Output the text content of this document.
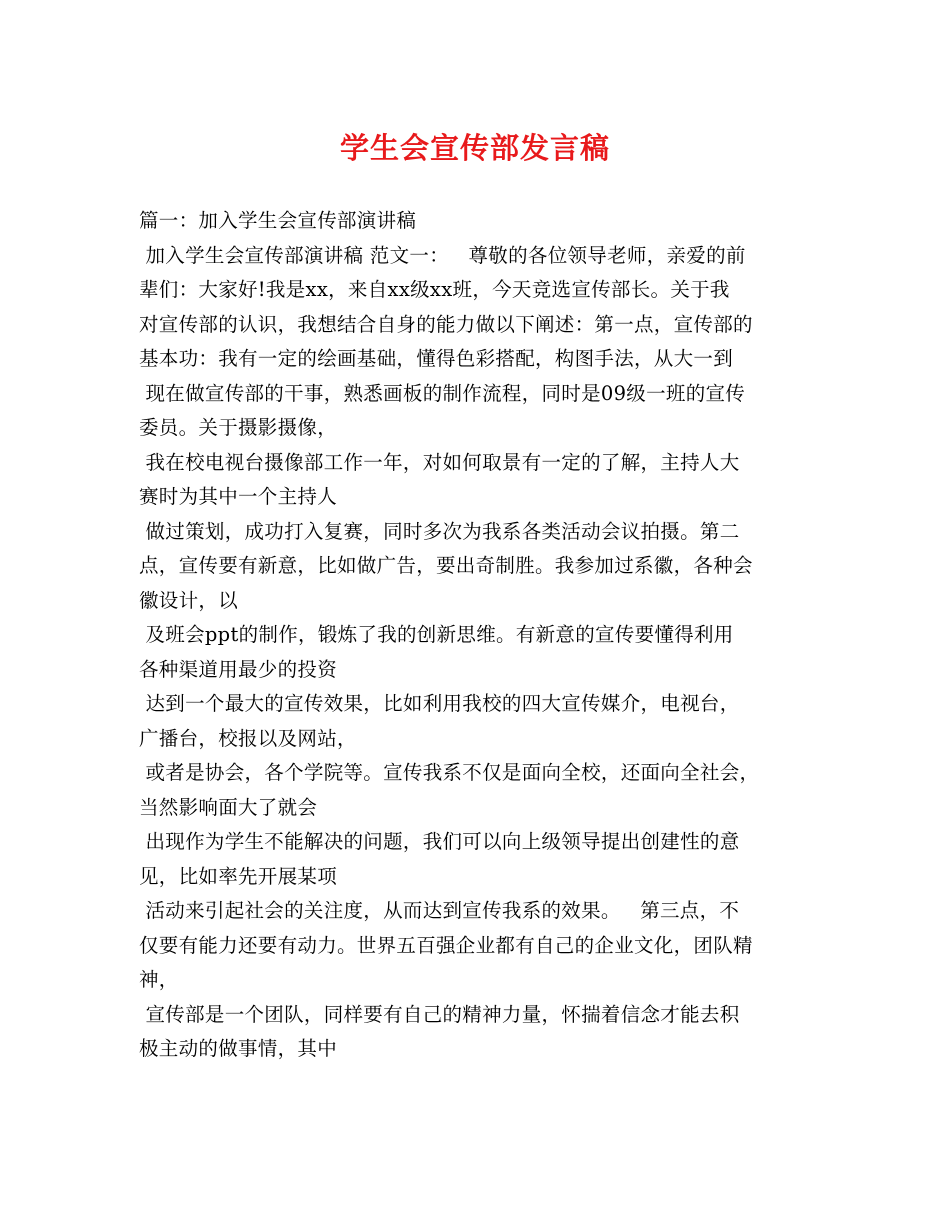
学生会宣传部发言稿
篇一：加入学生会宣传部演讲稿
加入学生会宣传部演讲稿 范文一：   尊敬的各位领导老师，亲爱的前
辈们：大家好!我是xx，来自xx级xx班，今天竞选宣传部长。关于我
对宣传部的认识，我想结合自身的能力做以下阐述：第一点，宣传部的
基本功：我有一定的绘画基础，懂得色彩搭配，构图手法，从大一到
现在做宣传部的干事，熟悉画板的制作流程，同时是09级一班的宣传
委员。关于摄影摄像，
我在校电视台摄像部工作一年，对如何取景有一定的了解，主持人大
赛时为其中一个主持人
做过策划，成功打入复赛，同时多次为我系各类活动会议拍摄。第二
点，宣传要有新意，比如做广告，要出奇制胜。我参加过系徽，各种会
徽设计，以
及班会ppt的制作，锻炼了我的创新思维。有新意的宣传要懂得利用
各种渠道用最少的投资
达到一个最大的宣传效果，比如利用我校的四大宣传媒介，电视台，
广播台，校报以及网站，
或者是协会，各个学院等。宣传我系不仅是面向全校，还面向全社会，
当然影响面大了就会
出现作为学生不能解决的问题，我们可以向上级领导提出创建性的意
见，比如率先开展某项
活动来引起社会的关注度，从而达到宣传我系的效果。   第三点，不
仅要有能力还要有动力。世界五百强企业都有自己的企业文化，团队精
神，
宣传部是一个团队，同样要有自己的精神力量，怀揣着信念才能去积
极主动的做事情，其中
